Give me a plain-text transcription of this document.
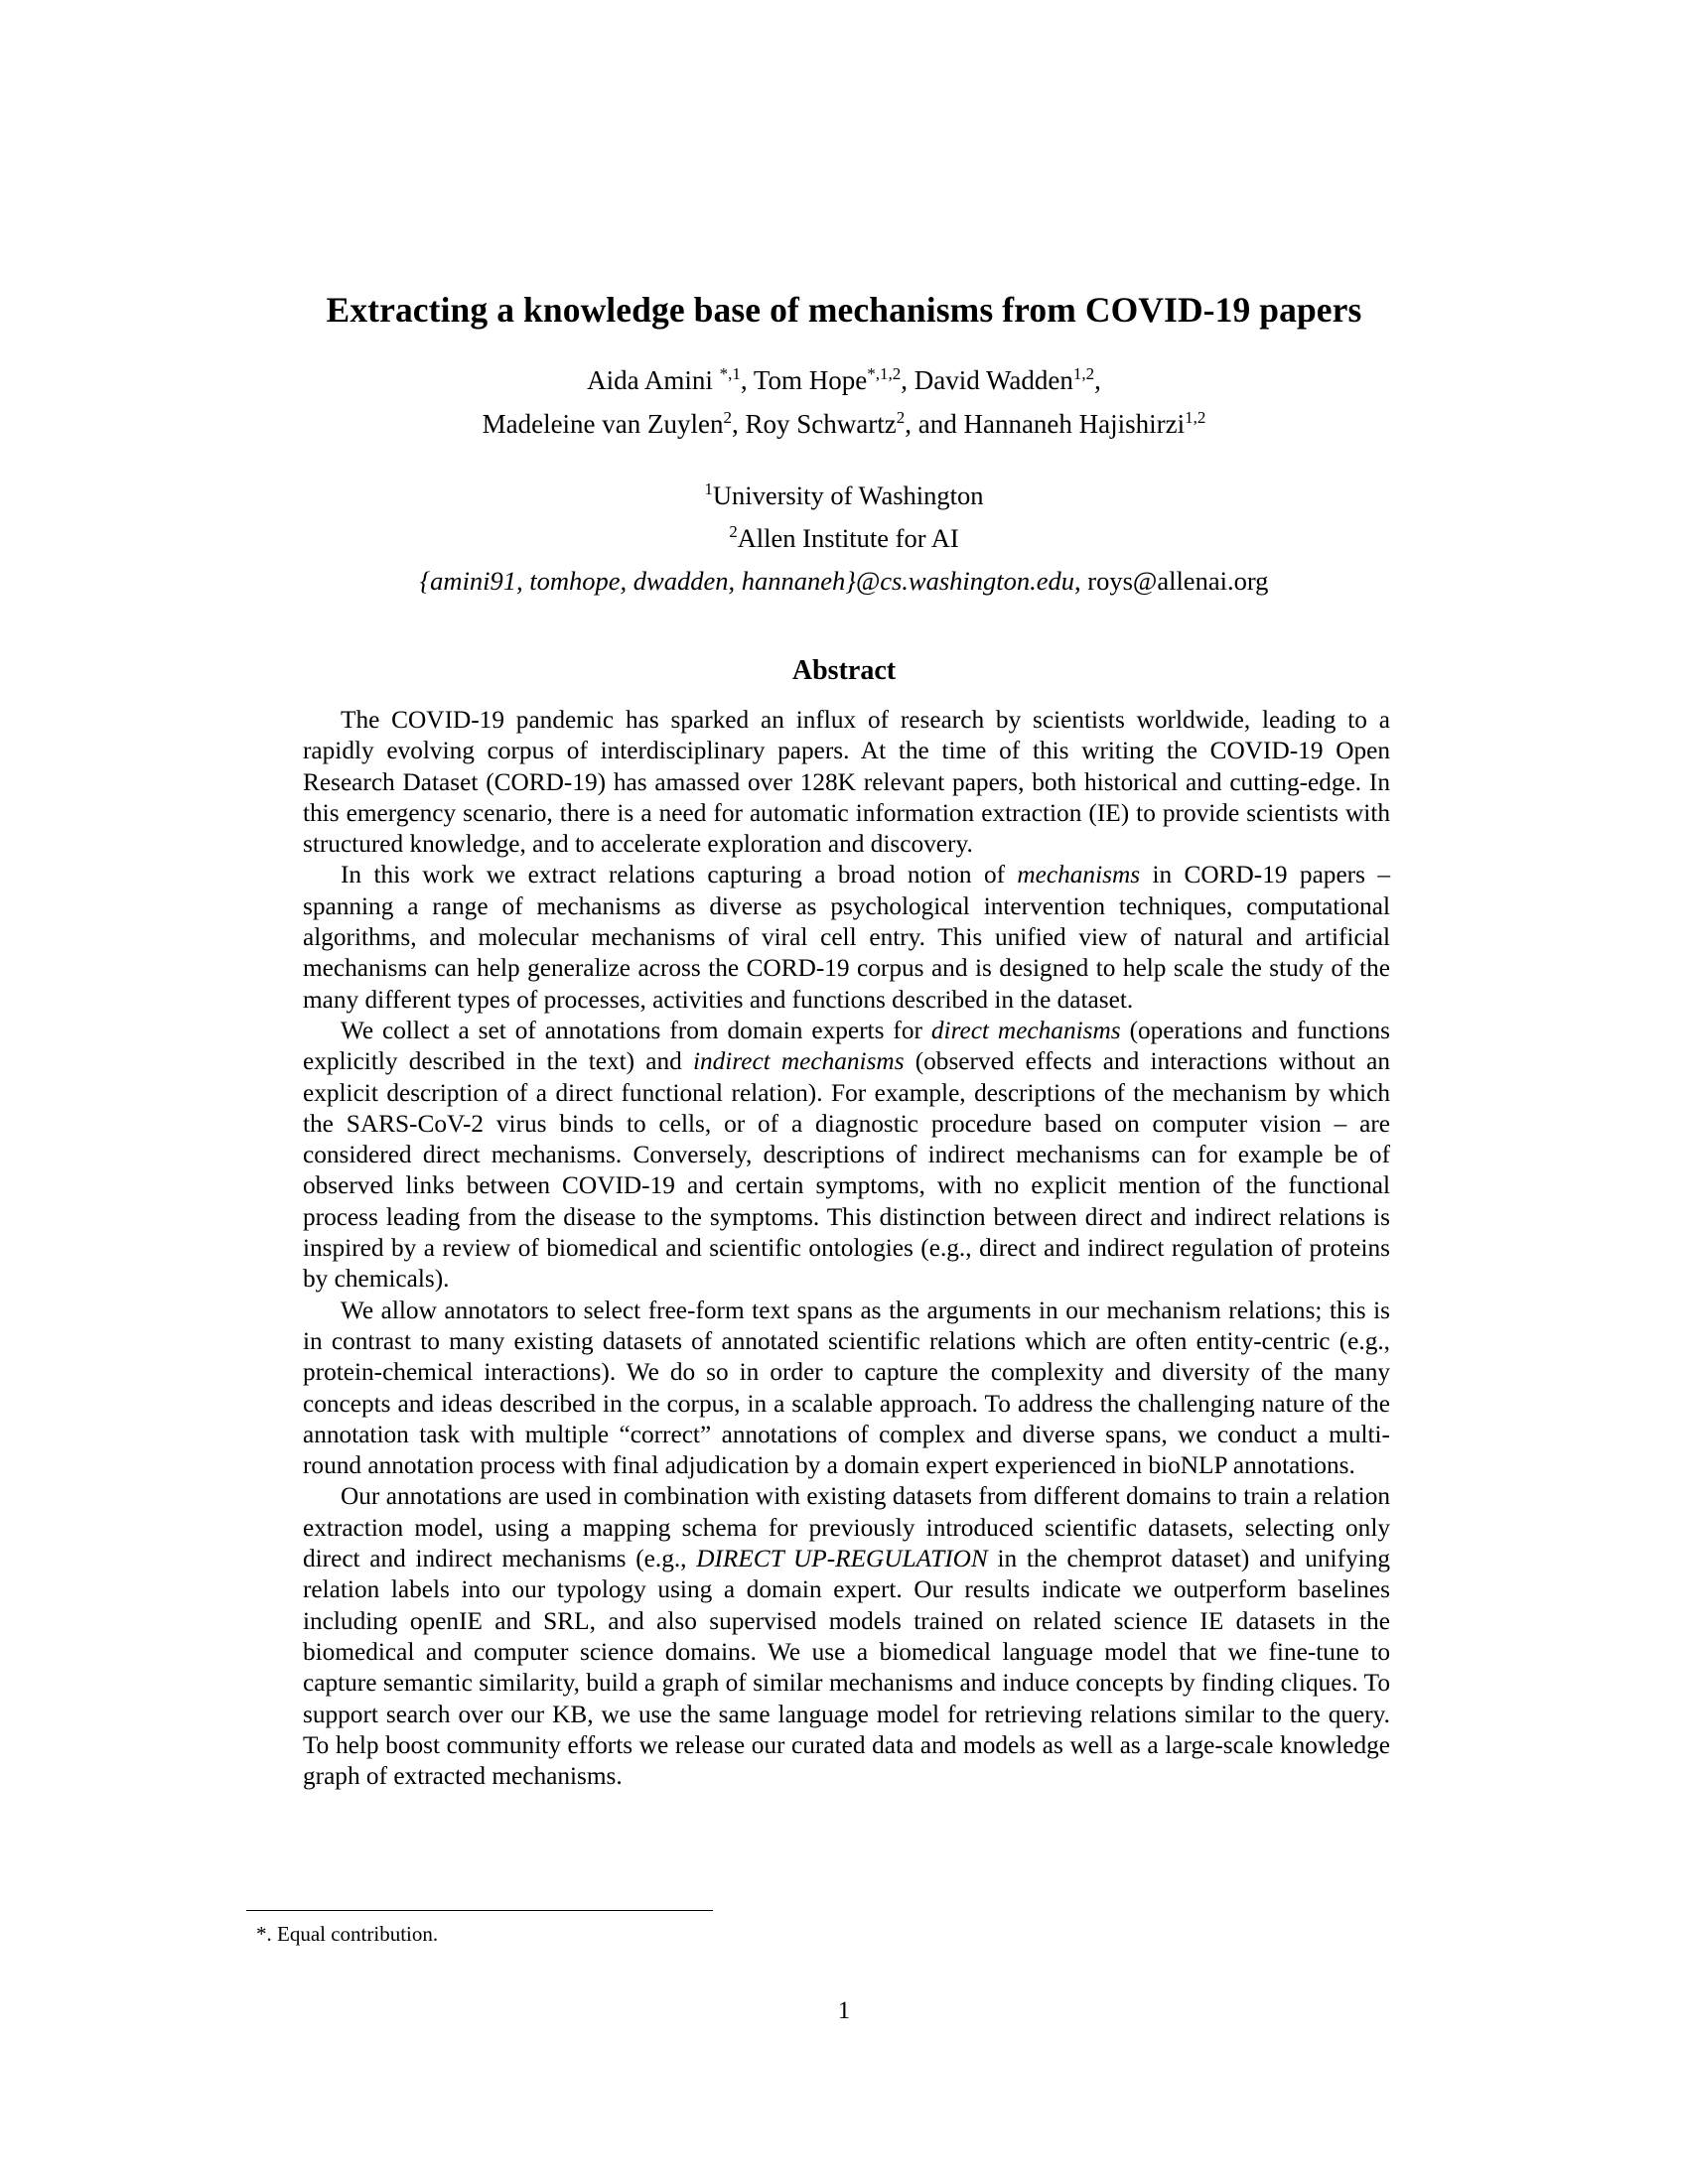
Extracting a knowledge base of mechanisms from COVID-19 papers
Aida Amini $^{*,1}$, Tom Hope$^{*,1,2}$, David Wadden$^{1,2}$,
Madeleine van Zuylen$^2$, Roy Schwartz$^2$, and Hannaneh Hajishirzi$^{1,2}$
$^1$University of Washington
$^2$Allen Institute for AI
{amini91, tomhope, dwadden, hannaneh}@cs.washington.edu, roys@allenai.org
Abstract

The COVID-19 pandemic has sparked an influx of research by scientists worldwide, leading to a rapidly evolving corpus of interdisciplinary papers. At the time of this writing the COVID-19 Open Research Dataset (CORD-19) has amassed over 128K relevant papers, both historical and cutting-edge. In this emergency scenario, there is a need for automatic information extraction (IE) to provide scientists with structured knowledge, and to accelerate exploration and discovery.

In this work we extract relations capturing a broad notion of mechanisms in CORD-19 papers – spanning a range of mechanisms as diverse as psychological intervention techniques, computational algorithms, and molecular mechanisms of viral cell entry. This unified view of natural and artificial mechanisms can help generalize across the CORD-19 corpus and is designed to help scale the study of the many different types of processes, activities and functions described in the dataset.

We collect a set of annotations from domain experts for direct mechanisms (operations and functions explicitly described in the text) and indirect mechanisms (observed effects and interactions without an explicit description of a direct functional relation). For example, descriptions of the mechanism by which the SARS-CoV-2 virus binds to cells, or of a diagnostic procedure based on computer vision – are considered direct mechanisms. Conversely, descriptions of indirect mechanisms can for example be of observed links between COVID-19 and certain symptoms, with no explicit mention of the functional process leading from the disease to the symptoms. This distinction between direct and indirect relations is inspired by a review of biomedical and scientific ontologies (e.g., direct and indirect regulation of proteins by chemicals).

We allow annotators to select free-form text spans as the arguments in our mechanism relations; this is in contrast to many existing datasets of annotated scientific relations which are often entity-centric (e.g., protein-chemical interactions). We do so in order to capture the complexity and diversity of the many concepts and ideas described in the corpus, in a scalable approach. To address the challenging nature of the annotation task with multiple “correct” annotations of complex and diverse spans, we conduct a multi-round annotation process with final adjudication by a domain expert experienced in bioNLP annotations.

Our annotations are used in combination with existing datasets from different domains to train a relation extraction model, using a mapping schema for previously introduced scientific datasets, selecting only direct and indirect mechanisms (e.g., DIRECT UP-REGULATION in the chemprot dataset) and unifying relation labels into our typology using a domain expert. Our results indicate we outperform baselines including openIE and SRL, and also supervised models trained on related science IE datasets in the biomedical and computer science domains. We use a biomedical language model that we fine-tune to capture semantic similarity, build a graph of similar mechanisms and induce concepts by finding cliques. To support search over our KB, we use the same language model for retrieving relations similar to the query. To help boost community efforts we release our curated data and models as well as a large-scale knowledge graph of extracted mechanisms.

*. Equal contribution.
1
